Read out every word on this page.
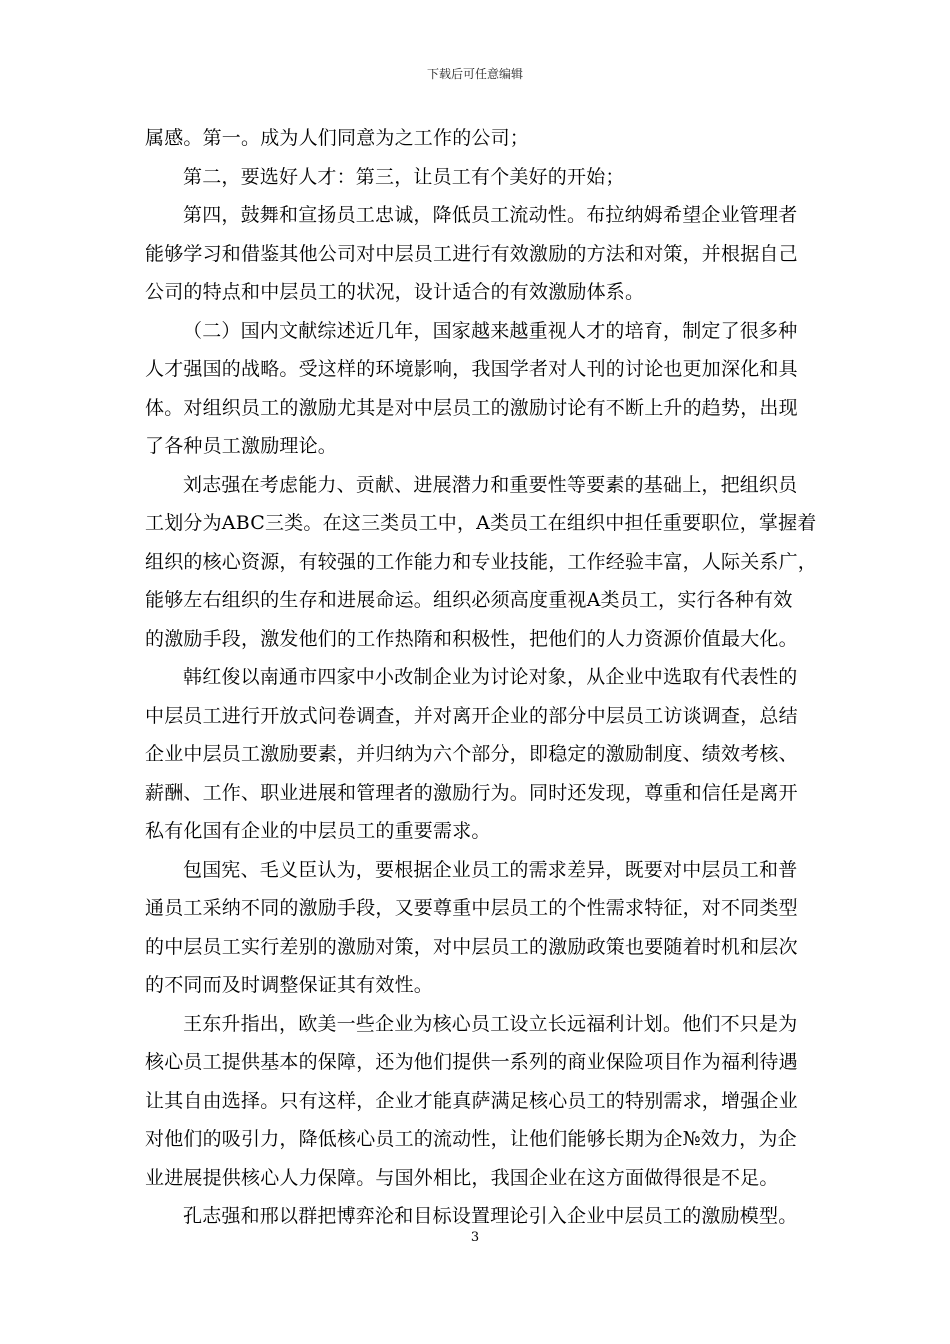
下载后可任意编辑

属感。第一。成为人们同意为之工作的公司；

第二，要选好人才：第三，让员工有个美好的开始；

第四，鼓舞和宣扬员工忠诚，降低员工流动性。布拉纳姆希望企业管理者
能够学习和借鉴其他公司对中层员工进行有效激励的方法和对策，并根据自己
公司的特点和中层员工的状况，设计适合的有效激励体系。

（二）国内文献综述近几年，国家越来越重视人才的培育，制定了很多种
人才强国的战略。受这样的环境影响，我国学者对人刊的讨论也更加深化和具
体。对组织员工的激励尤其是对中层员工的激励讨论有不断上升的趋势，出现
了各种员工激励理论。

刘志强在考虑能力、贡献、进展潜力和重要性等要素的基础上，把组织员
工划分为ABC三类。在这三类员工中，A类员工在组织中担任重要职位，掌握着
组织的核心资源，有较强的工作能力和专业技能，工作经验丰富，人际关系广，
能够左右组织的生存和进展命运。组织必须高度重视A类员工，实行各种有效
的激励手段，激发他们的工作热隋和积极性，把他们的人力资源价值最大化。

韩红俊以南通市四家中小改制企业为讨论对象，从企业中选取有代表性的
中层员工进行开放式问卷调查，并对离开企业的部分中层员工访谈调查，总结
企业中层员工激励要素，并归纳为六个部分，即稳定的激励制度、绩效考核、
薪酬、工作、职业进展和管理者的激励行为。同时还发现，尊重和信任是离开
私有化国有企业的中层员工的重要需求。

包国宪、毛义臣认为，要根据企业员工的需求差异，既要对中层员工和普
通员工采纳不同的激励手段，又要尊重中层员工的个性需求特征，对不同类型
的中层员工实行差别的激励对策，对中层员工的激励政策也要随着时机和层次
的不同而及时调整保证其有效性。

王东升指出，欧美一些企业为核心员工设立长远福利计划。他们不只是为
核心员工提供基本的保障，还为他们提供一系列的商业保险项目作为福利待遇
让其自由选择。只有这样，企业才能真萨满足核心员工的特别需求，增强企业
对他们的吸引力，降低核心员工的流动性，让他们能够长期为企№效力，为企
业进展提供核心人力保障。与国外相比，我国企业在这方面做得很是不足。

孔志强和邢以群把博弈沦和目标设置理论引入企业中层员工的激励模型。

3
